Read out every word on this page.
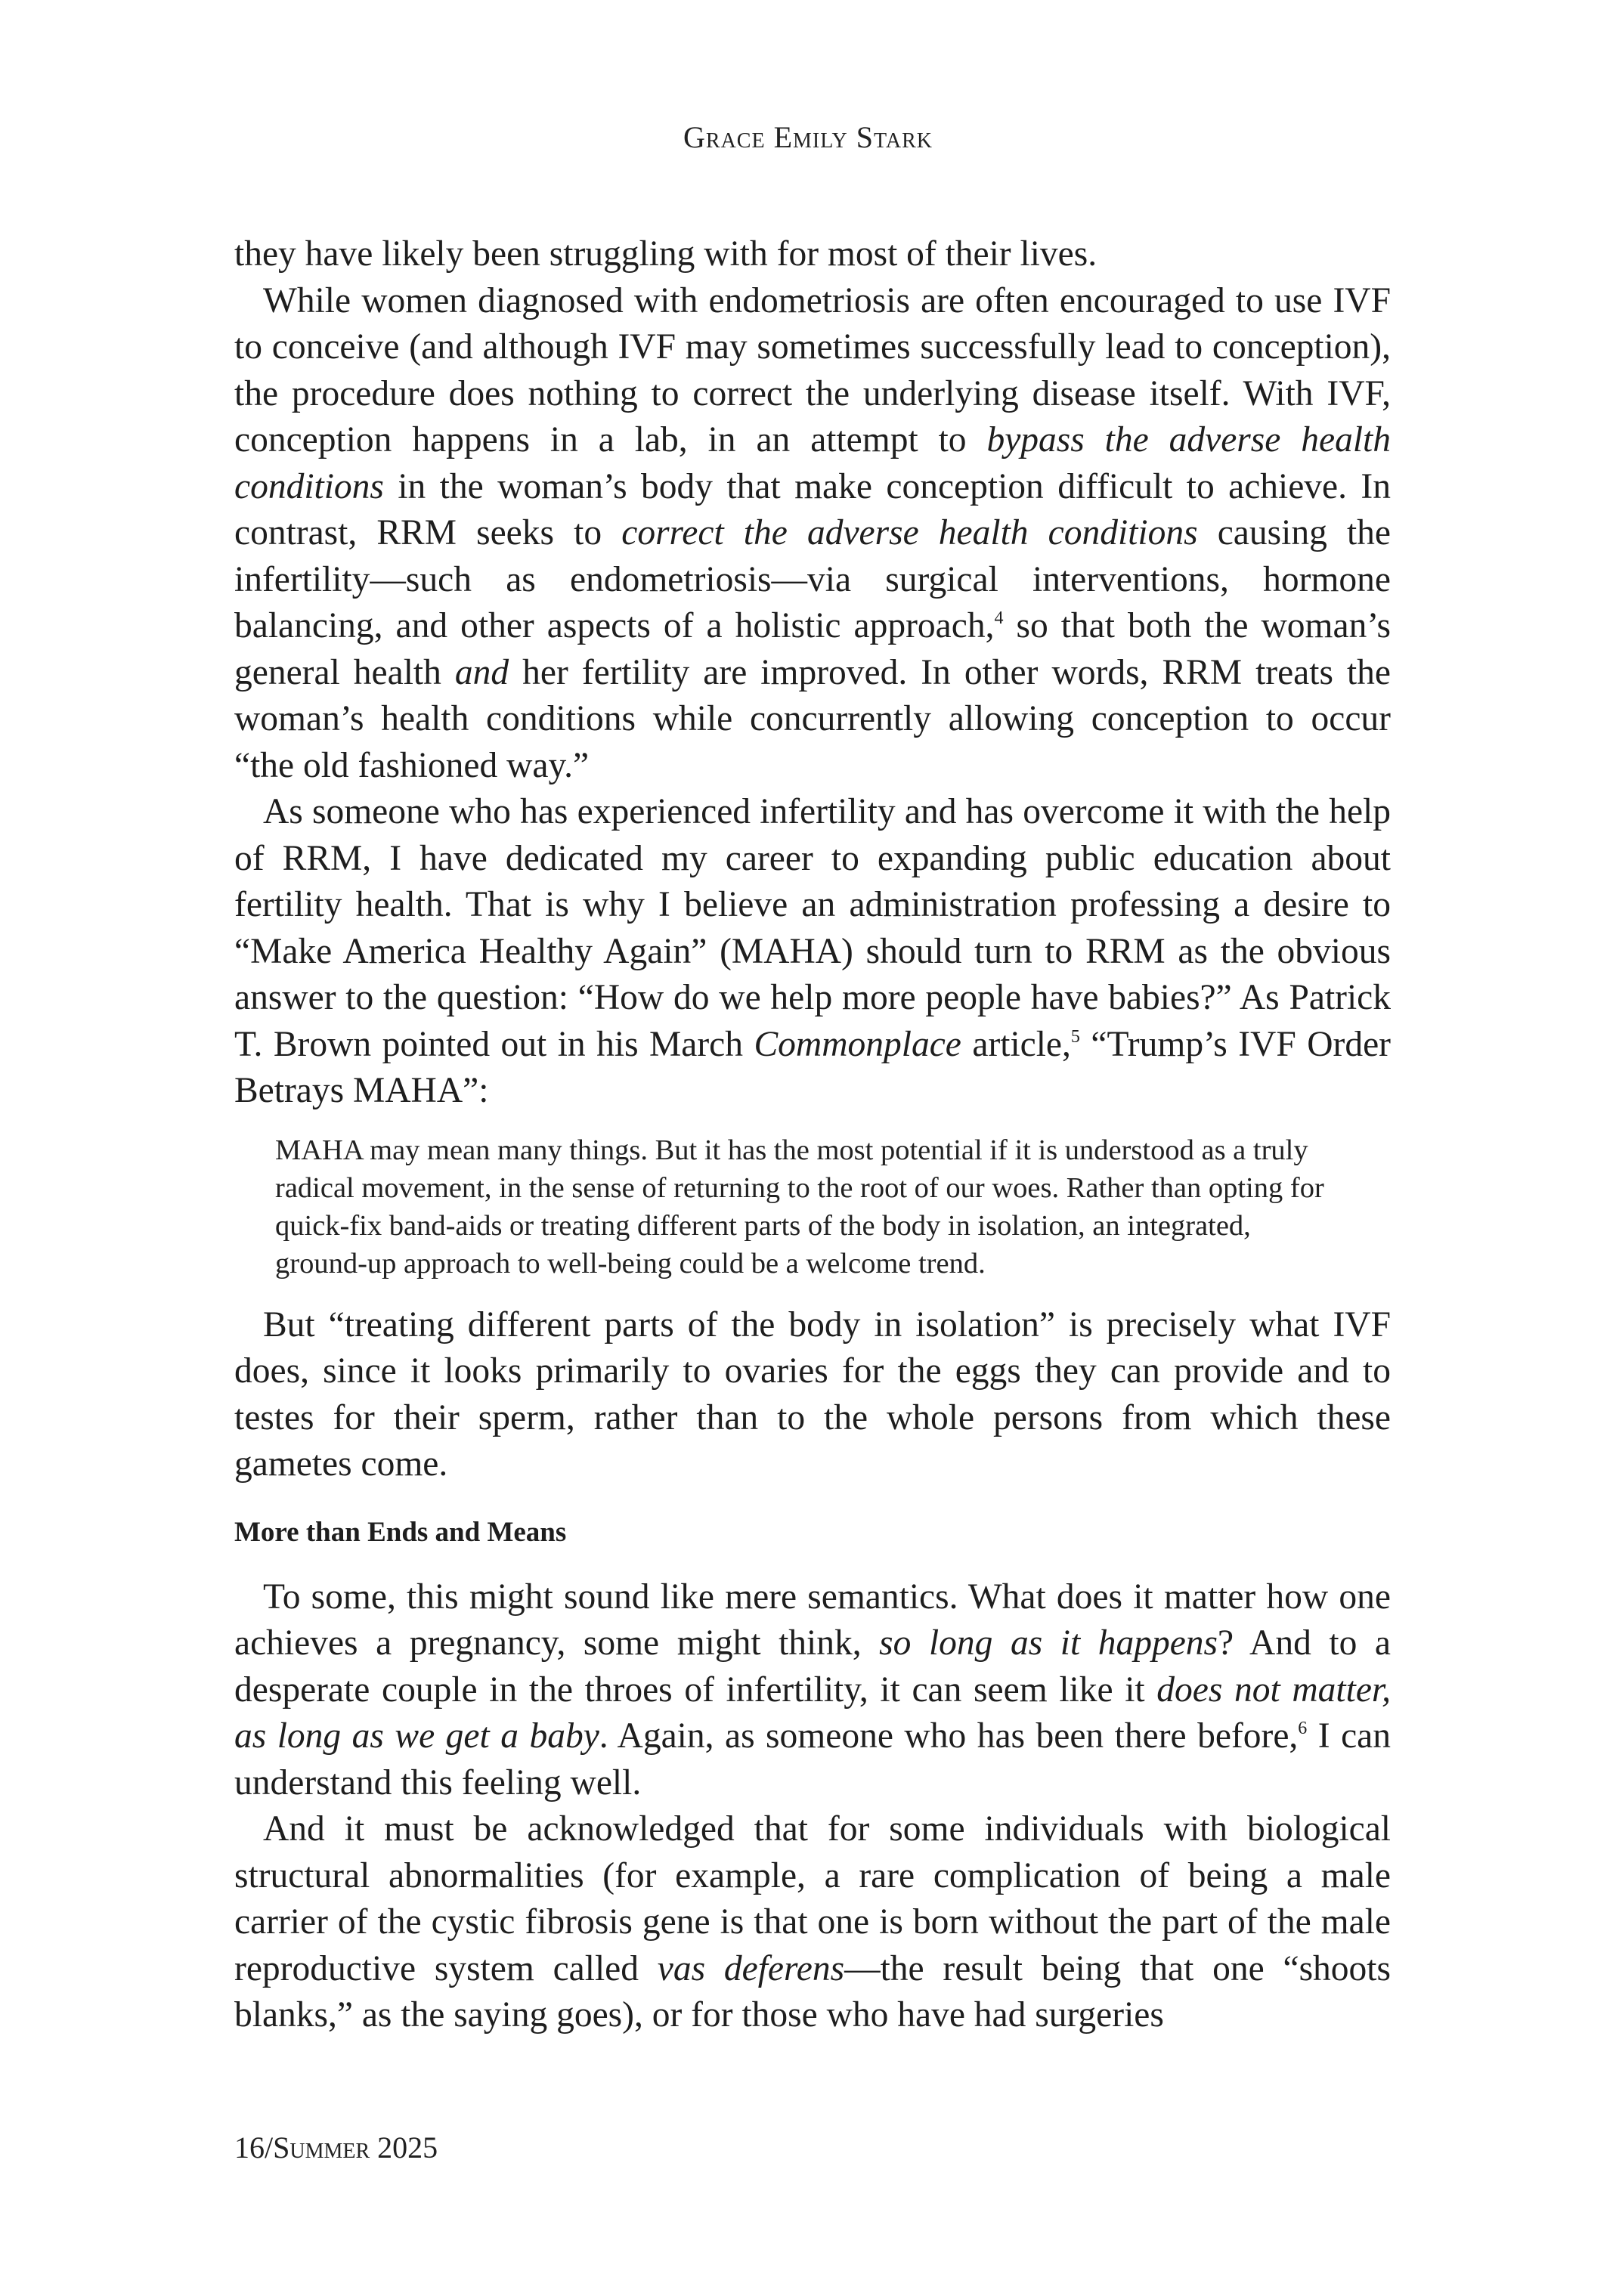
Grace Emily Stark

they have likely been struggling with for most of their lives.

While women diagnosed with endometriosis are often encouraged to use IVF to conceive (and although IVF may sometimes successfully lead to conception), the procedure does nothing to correct the underlying disease itself. With IVF, conception happens in a lab, in an attempt to bypass the adverse health conditions in the woman’s body that make conception difficult to achieve. In contrast, RRM seeks to correct the adverse health conditions causing the infertility—such as endometriosis—via surgical interventions, hormone balancing, and other aspects of a holistic approach,$^4$ so that both the woman’s general health and her fertility are improved. In other words, RRM treats the woman’s health conditions while concurrently allowing conception to occur “the old fashioned way.”

As someone who has experienced infertility and has overcome it with the help of RRM, I have dedicated my career to expanding public education about fertility health. That is why I believe an administration professing a desire to “Make America Healthy Again” (MAHA) should turn to RRM as the obvious answer to the question: “How do we help more people have babies?” As Patrick T. Brown pointed out in his March Commonplace article,$^5$ “Trump’s IVF Order Betrays MAHA”:

MAHA may mean many things. But it has the most potential if it is understood as a truly radical movement, in the sense of returning to the root of our woes. Rather than opting for quick-fix band-aids or treating different parts of the body in isolation, an integrated, ground-up approach to well-being could be a welcome trend.

But “treating different parts of the body in isolation” is precisely what IVF does, since it looks primarily to ovaries for the eggs they can provide and to testes for their sperm, rather than to the whole persons from which these gametes come.

More than Ends and Means

To some, this might sound like mere semantics. What does it matter how one achieves a pregnancy, some might think, so long as it happens? And to a desperate couple in the throes of infertility, it can seem like it does not matter, as long as we get a baby. Again, as someone who has been there before,$^6$ I can understand this feeling well.

And it must be acknowledged that for some individuals with biological structural abnormalities (for example, a rare complication of being a male carrier of the cystic fibrosis gene is that one is born without the part of the male reproductive system called vas deferens—the result being that one “shoots blanks,” as the saying goes), or for those who have had surgeries

16/Summer 2025
